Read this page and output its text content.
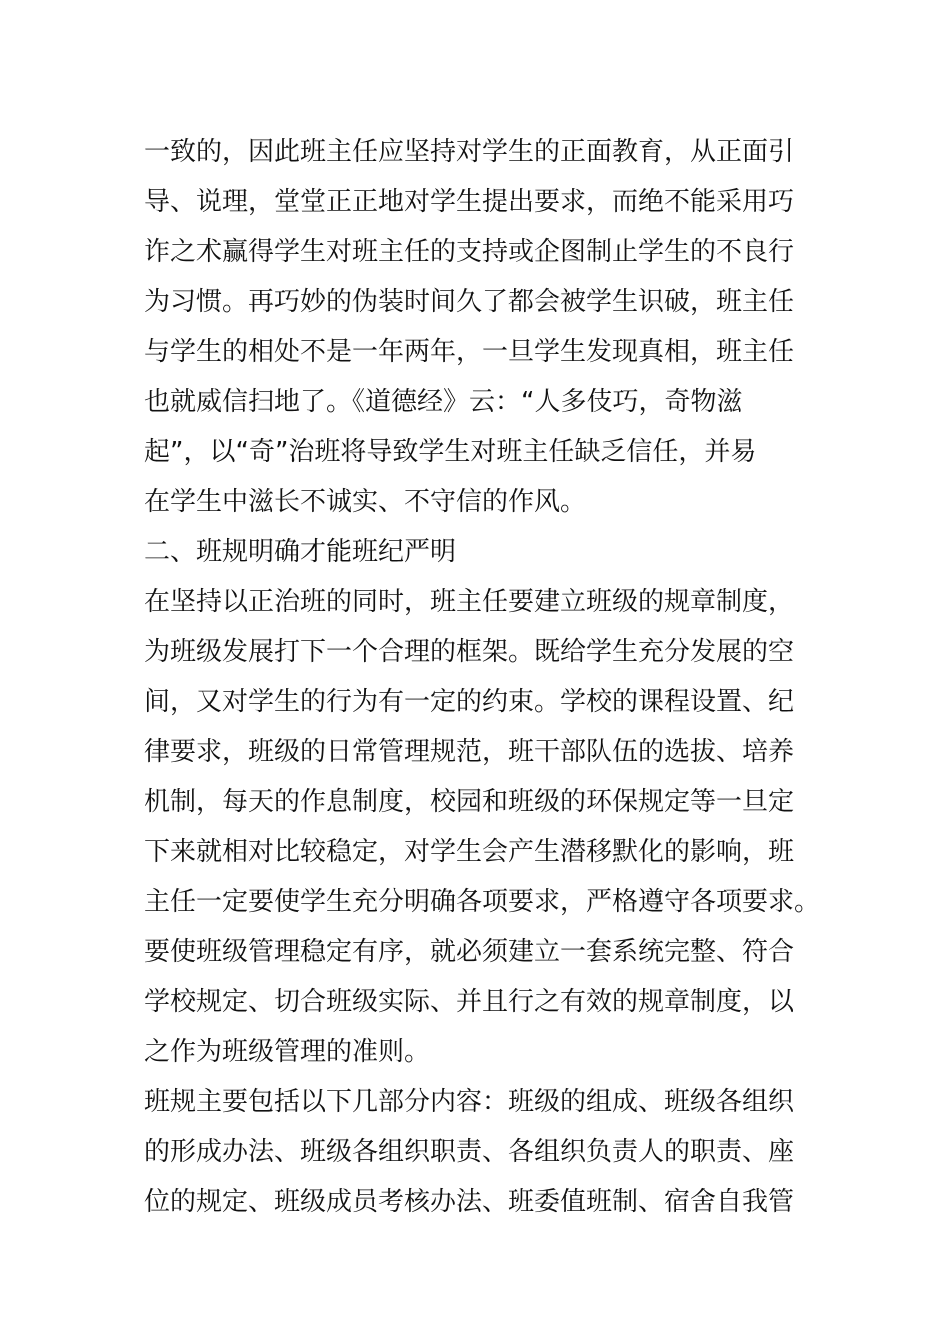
一致的，因此班主任应坚持对学生的正面教育，从正面引
导、说理，堂堂正正地对学生提出要求，而绝不能采用巧
诈之术赢得学生对班主任的支持或企图制止学生的不良行
为习惯。再巧妙的伪装时间久了都会被学生识破，班主任
与学生的相处不是一年两年，一旦学生发现真相，班主任
也就威信扫地了。《道德经》云：“人多伎巧，奇物滋
起”，以“奇”治班将导致学生对班主任缺乏信任，并易
在学生中滋长不诚实、不守信的作风。
二、班规明确才能班纪严明
在坚持以正治班的同时，班主任要建立班级的规章制度，
为班级发展打下一个合理的框架。既给学生充分发展的空
间，又对学生的行为有一定的约束。学校的课程设置、纪
律要求，班级的日常管理规范，班干部队伍的选拔、培养
机制，每天的作息制度，校园和班级的环保规定等一旦定
下来就相对比较稳定，对学生会产生潜移默化的影响，班
主任一定要使学生充分明确各项要求，严格遵守各项要求。
要使班级管理稳定有序，就必须建立一套系统完整、符合
学校规定、切合班级实际、并且行之有效的规章制度，以
之作为班级管理的准则。
班规主要包括以下几部分内容：班级的组成、班级各组织
的形成办法、班级各组织职责、各组织负责人的职责、座
位的规定、班级成员考核办法、班委值班制、宿舍自我管
